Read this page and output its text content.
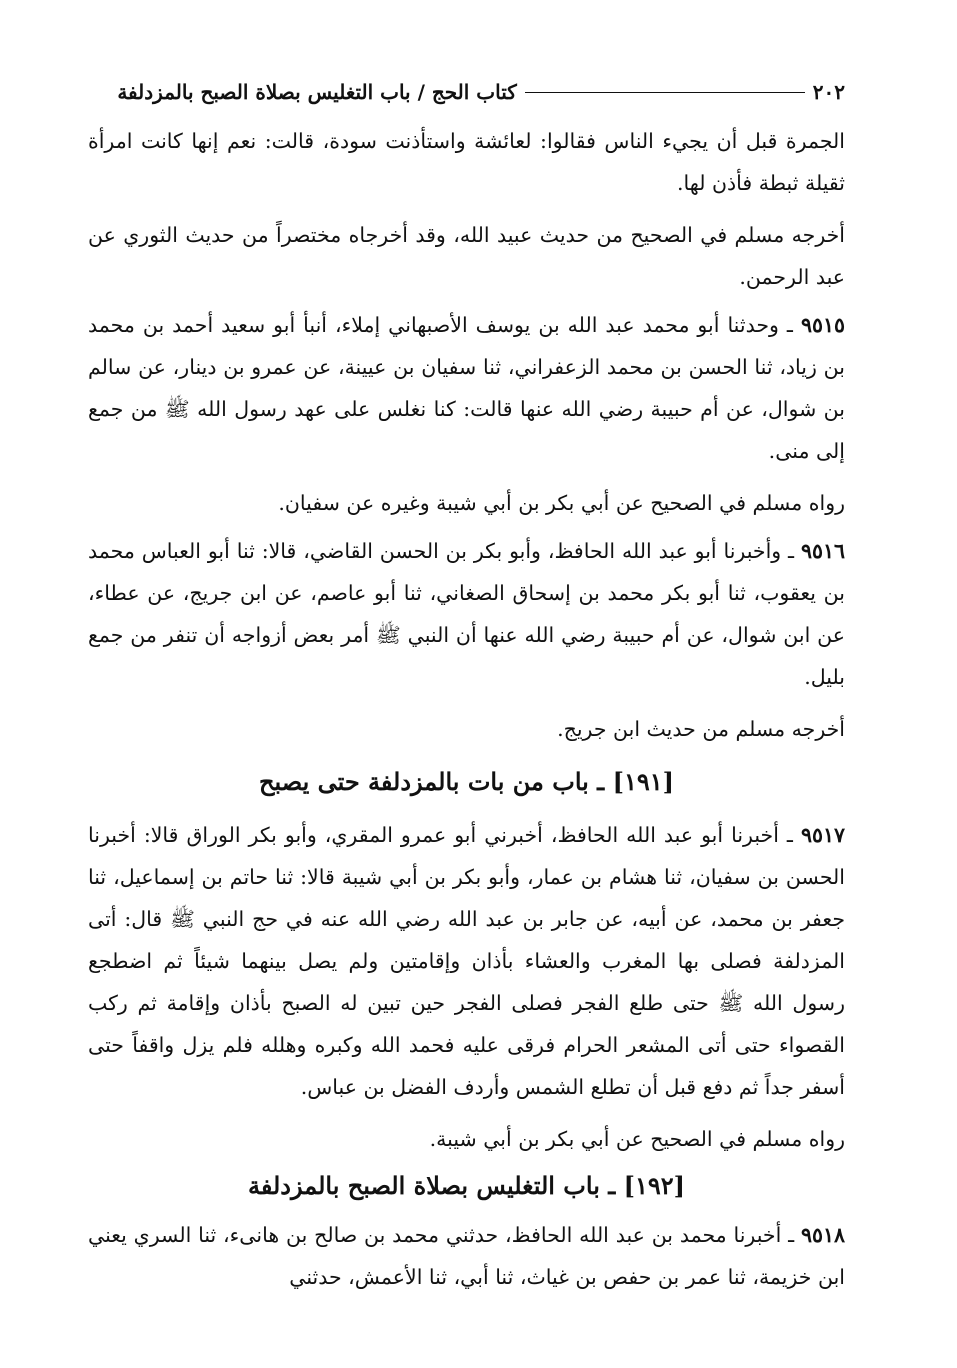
٢٠٢
كتاب الحج / باب التغليس بصلاة الصبح بالمزدلفة

الجمرة قبل أن يجيء الناس فقالوا: لعائشة واستأذنت سودة، قالت: نعم إنها كانت امرأة ثقيلة ثبطة فأذن لها.

أخرجه مسلم في الصحيح من حديث عبيد الله، وقد أخرجاه مختصراً من حديث الثوري عن عبد الرحمن.

٩٥١٥ ـ وحدثنا أبو محمد عبد الله بن يوسف الأصبهاني إملاء، أنبأ أبو سعيد أحمد بن محمد بن زياد، ثنا الحسن بن محمد الزعفراني، ثنا سفيان بن عيينة، عن عمرو بن دينار، عن سالم بن شوال، عن أم حبيبة رضي الله عنها قالت: كنا نغلس على عهد رسول الله ﷺ من جمع إلى منى.

رواه مسلم في الصحيح عن أبي بكر بن أبي شيبة وغيره عن سفيان.

٩٥١٦ ـ وأخبرنا أبو عبد الله الحافظ، وأبو بكر بن الحسن القاضي، قالا: ثنا أبو العباس محمد بن يعقوب، ثنا أبو بكر محمد بن إسحاق الصغاني، ثنا أبو عاصم، عن ابن جريج، عن عطاء، عن ابن شوال، عن أم حبيبة رضي الله عنها أن النبي ﷺ أمر بعض أزواجه أن تنفر من جمع بليل.

أخرجه مسلم من حديث ابن جريج.

[١٩١] ـ باب من بات بالمزدلفة حتى يصبح

٩٥١٧ ـ أخبرنا أبو عبد الله الحافظ، أخبرني أبو عمرو المقري، وأبو بكر الوراق قالا: أخبرنا الحسن بن سفيان، ثنا هشام بن عمار، وأبو بكر بن أبي شيبة قالا: ثنا حاتم بن إسماعيل، ثنا جعفر بن محمد، عن أبيه، عن جابر بن عبد الله رضي الله عنه في حج النبي ﷺ قال: أتى المزدلفة فصلى بها المغرب والعشاء بأذان وإقامتين ولم يصل بينهما شيئاً ثم اضطجع رسول الله ﷺ حتى طلع الفجر فصلى الفجر حين تبين له الصبح بأذان وإقامة ثم ركب القصواء حتى أتى المشعر الحرام فرقى عليه فحمد الله وكبره وهلله فلم يزل واقفاً حتى أسفر جداً ثم دفع قبل أن تطلع الشمس وأردف الفضل بن عباس.

رواه مسلم في الصحيح عن أبي بكر بن أبي شيبة.

[١٩٢] ـ باب التغليس بصلاة الصبح بالمزدلفة

٩٥١٨ ـ أخبرنا محمد بن عبد الله الحافظ، حدثني محمد بن صالح بن هانىء، ثنا السري يعني ابن خزيمة، ثنا عمر بن حفص بن غياث، ثنا أبي، ثنا الأعمش، حدثني
